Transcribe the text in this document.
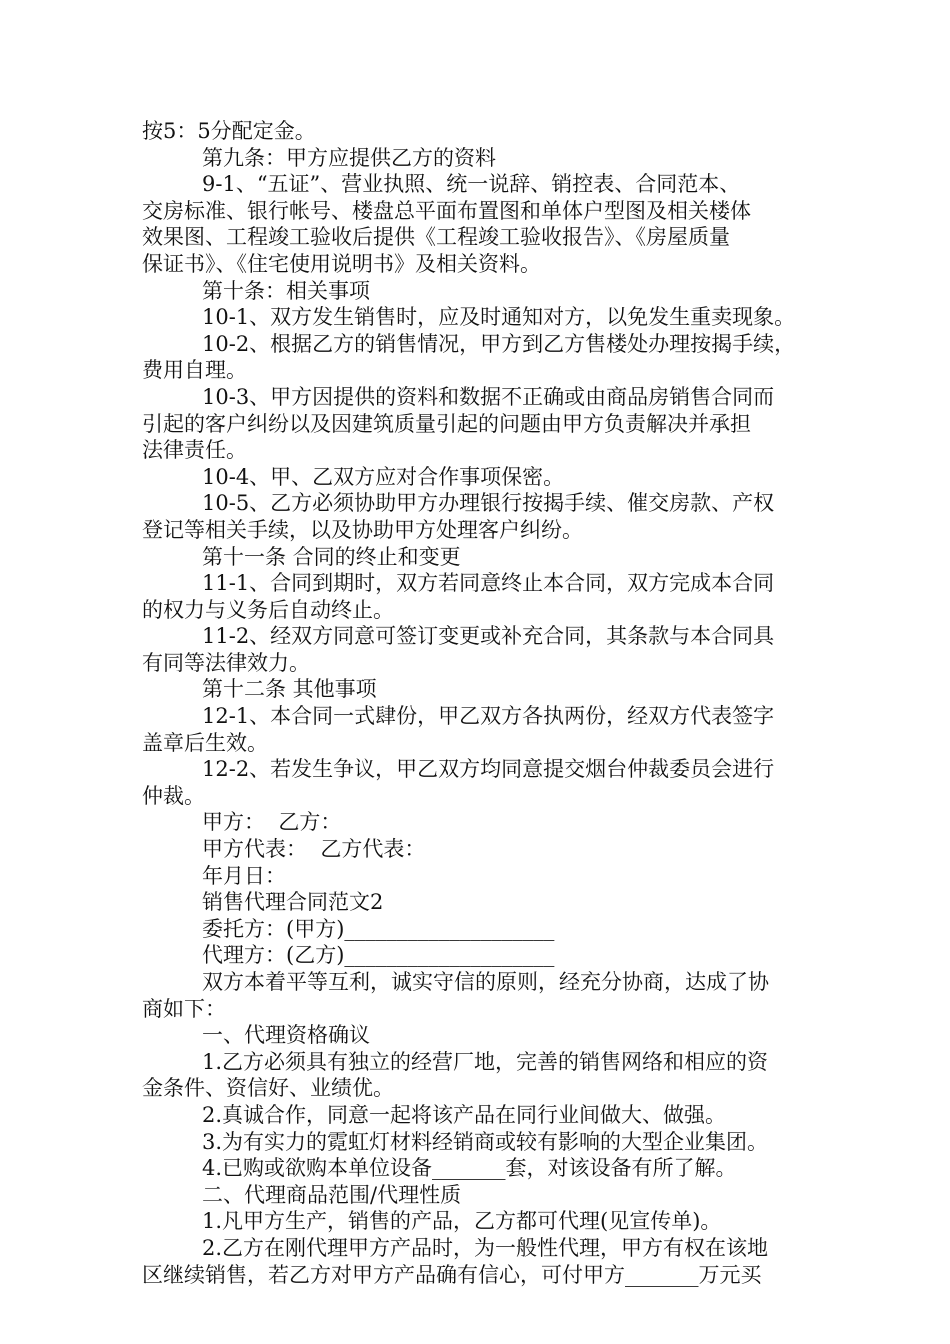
按5：5分配定金。
第九条：甲方应提供乙方的资料
9-1、“五证”、营业执照、统一说辞、销控表、合同范本、
交房标准、银行帐号、楼盘总平面布置图和单体户型图及相关楼体
效果图、工程竣工验收后提供《工程竣工验收报告》、《房屋质量
保证书》、《住宅使用说明书》及相关资料。
第十条：相关事项
10-1、双方发生销售时，应及时通知对方，以免发生重卖现象。
10-2、根据乙方的销售情况，甲方到乙方售楼处办理按揭手续，
费用自理。
10-3、甲方因提供的资料和数据不正确或由商品房销售合同而
引起的客户纠纷以及因建筑质量引起的问题由甲方负责解决并承担
法律责任。
10-4、甲、乙双方应对合作事项保密。
10-5、乙方必须协助甲方办理银行按揭手续、催交房款、产权
登记等相关手续，以及协助甲方处理客户纠纷。
第十一条 合同的终止和变更
11-1、合同到期时，双方若同意终止本合同，双方完成本合同
的权力与义务后自动终止。
11-2、经双方同意可签订变更或补充合同，其条款与本合同具
有同等法律效力。
第十二条 其他事项
12-1、本合同一式肆份，甲乙双方各执两份，经双方代表签字
盖章后生效。
12-2、若发生争议，甲乙双方均同意提交烟台仲裁委员会进行
仲裁。
甲方：  乙方：
甲方代表：  乙方代表：
年月日：
销售代理合同范文2
委托方：(甲方)____________________
代理方：(乙方)____________________
双方本着平等互利，诚实守信的原则，经充分协商，达成了协
商如下：
一、代理资格确议
1.乙方必须具有独立的经营厂地，完善的销售网络和相应的资
金条件、资信好、业绩优。
2.真诚合作，同意一起将该产品在同行业间做大、做强。
3.为有实力的霓虹灯材料经销商或较有影响的大型企业集团。
4.已购或欲购本单位设备_______套，对该设备有所了解。
二、代理商品范围/代理性质
1.凡甲方生产，销售的产品，乙方都可代理(见宣传单)。
2.乙方在刚代理甲方产品时，为一般性代理，甲方有权在该地
区继续销售，若乙方对甲方产品确有信心，可付甲方_______万元买
